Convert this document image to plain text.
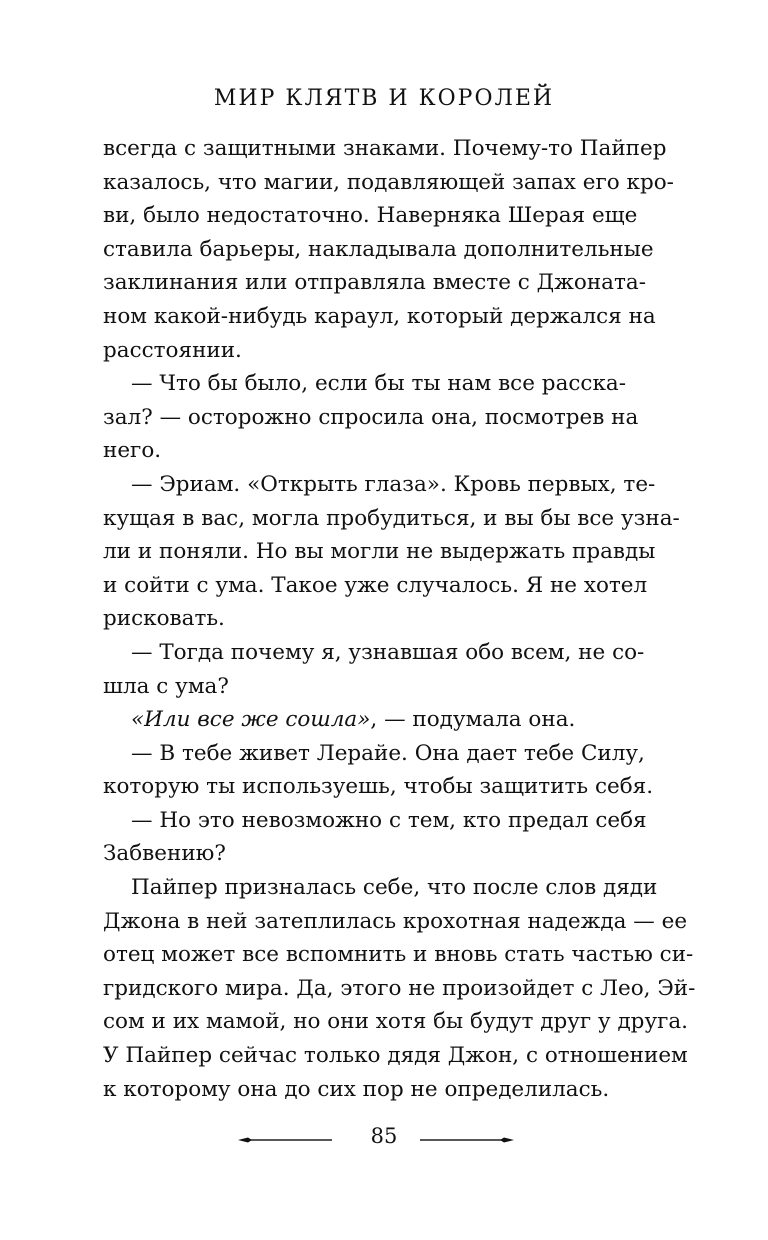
МИР КЛЯТВ И КОРОЛЕЙ
всегда с защитными знаками. Почему-то Пайпер
казалось, что магии, подавляющей запах его кро-
ви, было недостаточно. Наверняка Шерая еще
ставила барьеры, накладывала дополнительные
заклинания или отправляла вместе с Джоната-
ном какой-нибудь караул, который держался на
расстоянии.
— Что бы было, если бы ты нам все расска-
зал? — осторожно спросила она, посмотрев на
него.
— Эриам. «Открыть глаза». Кровь первых, те-
кущая в вас, могла пробудиться, и вы бы все узна-
ли и поняли. Но вы могли не выдержать правды
и сойти с ума. Такое уже случалось. Я не хотел
рисковать.
— Тогда почему я, узнавшая обо всем, не со-
шла с ума?
«Или все же сошла», — подумала она.
— В тебе живет Лерайе. Она дает тебе Силу,
которую ты используешь, чтобы защитить себя.
— Но это невозможно с тем, кто предал себя
Забвению?
Пайпер призналась себе, что после слов дяди
Джона в ней затеплилась крохотная надежда — ее
отец может все вспомнить и вновь стать частью си-
гридского мира. Да, этого не произойдет с Лео, Эй-
сом и их мамой, но они хотя бы будут друг у друга.
У Пайпер сейчас только дядя Джон, с отношением
к которому она до сих пор не определилась.
85
